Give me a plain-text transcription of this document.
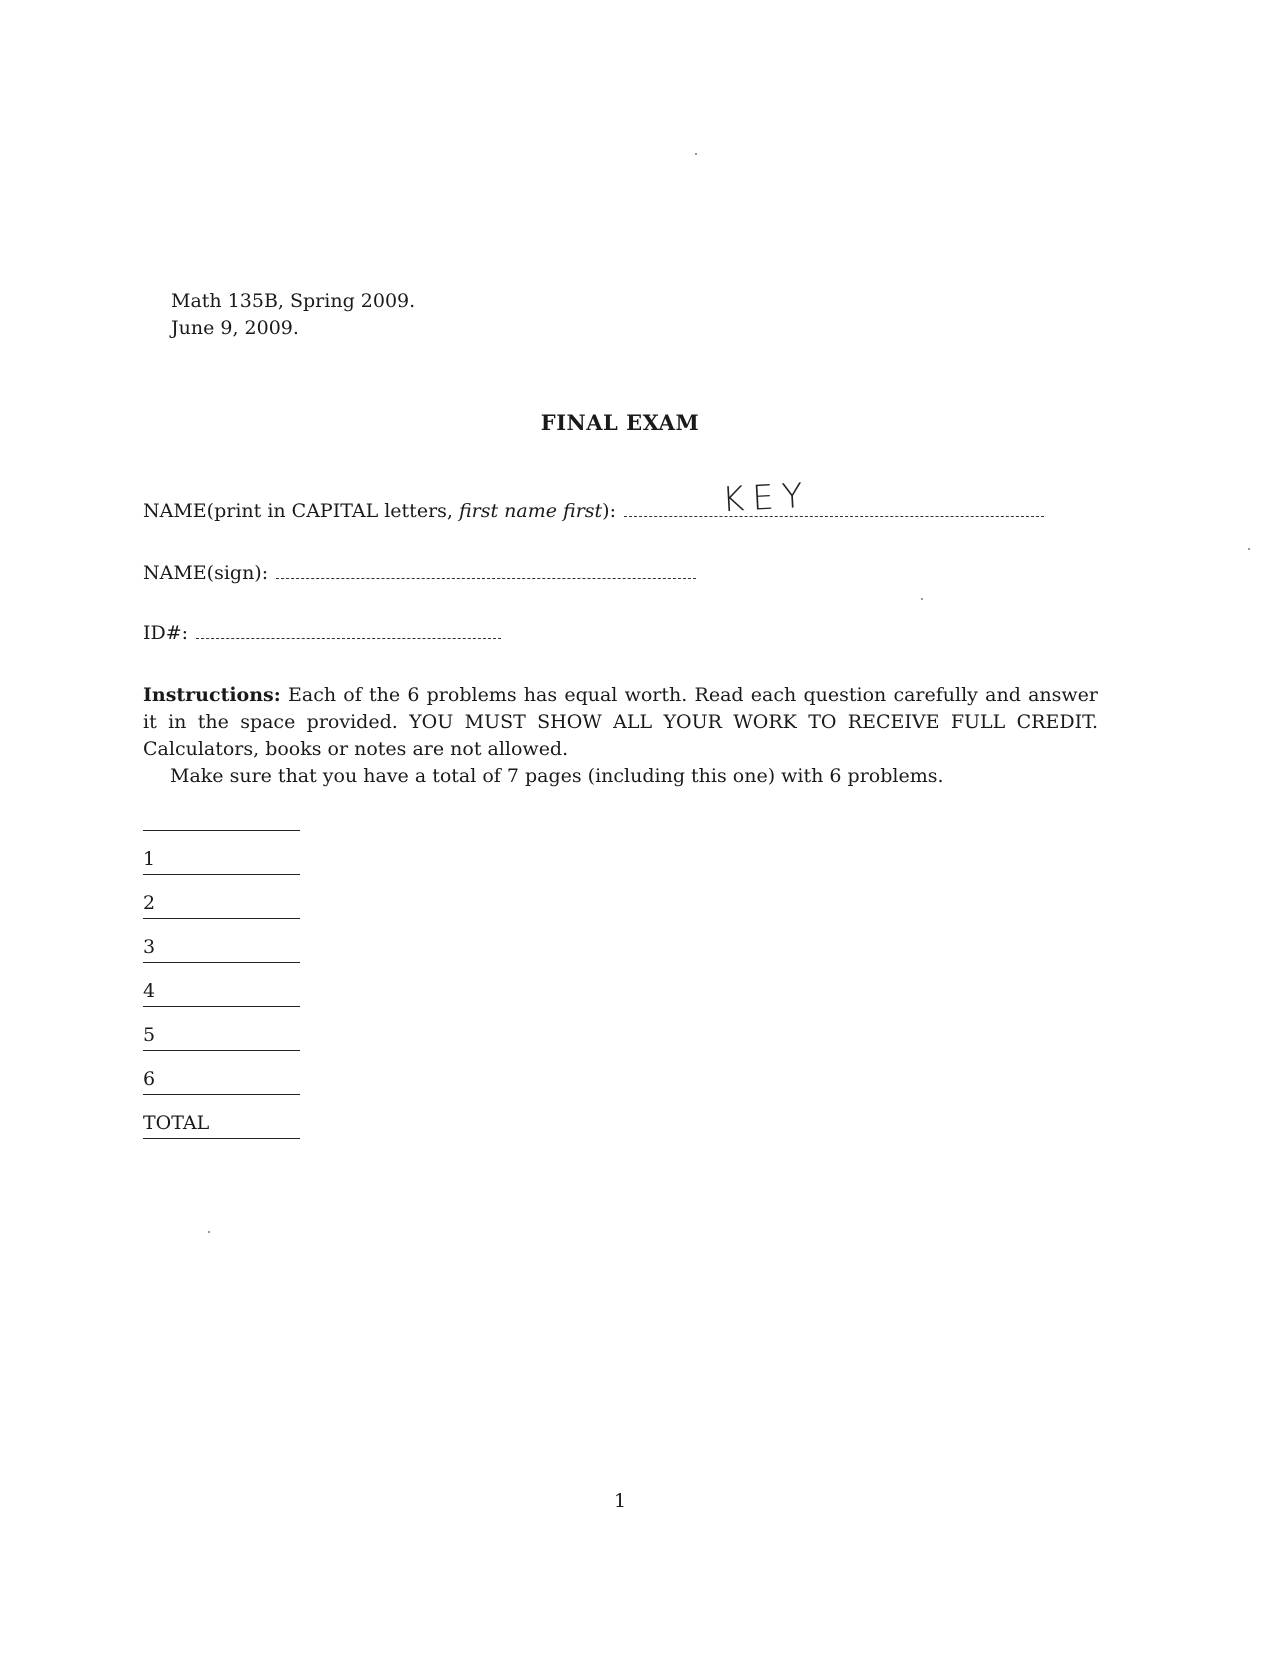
Math 135B, Spring 2009.
June 9, 2009.
FINAL EXAM
NAME(print in CAPITAL letters, first name first):	KEY
NAME(sign):
ID#:

Instructions: Each of the 6 problems has equal worth. Read each question carefully and answer it in the space provided. YOU MUST SHOW ALL YOUR WORK TO RECEIVE FULL CREDIT. Calculators, books or notes are not allowed.

Make sure that you have a total of 7 pages (including this one) with 6 problems.

1
2
3
4
5
6
TOTAL
1
